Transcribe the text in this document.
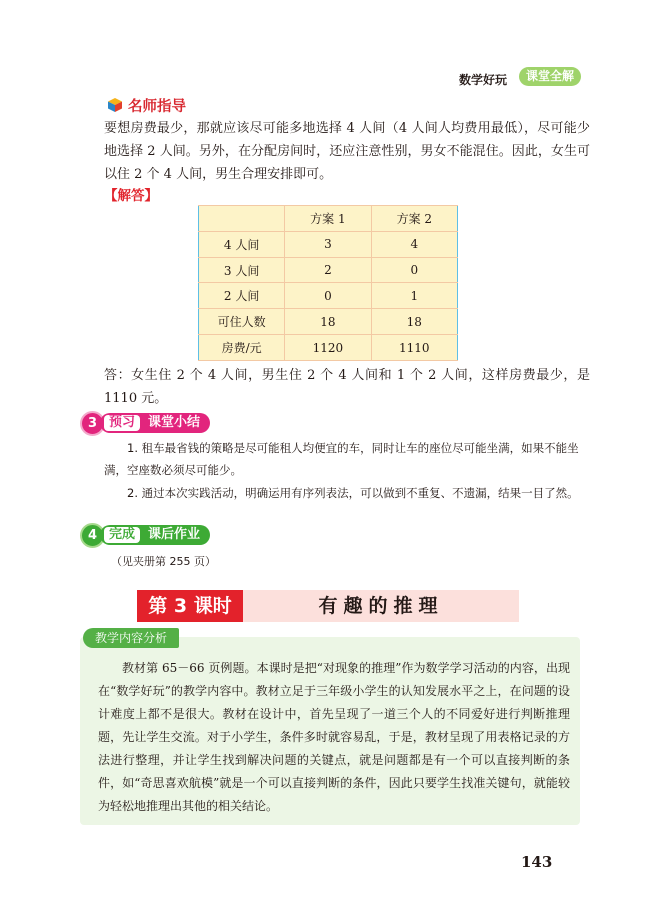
数学好玩	课堂全解
名师指导
要想房费最少，那就应该尽可能多地选择 4 人间（4 人间人均费用最低），尽可能少地选择 2 人间。另外，在分配房间时，还应注意性别，男女不能混住。因此，女生可以住 2 个 4 人间，男生合理安排即可。
【解答】
	方案 1	方案 2
4 人间	3	4
3 人间	2	0
2 人间	0	1
可住人数	18	18
房费/元	1120	1110
答：女生住 2 个 4 人间，男生住 2 个 4 人间和 1 个 2 人间，这样房费最少，是 1110 元。
3 预习	课堂小结
1. 租车最省钱的策略是尽可能租人均便宜的车，同时让车的座位尽可能坐满，如果不能坐满，空座数必须尽可能少。
2. 通过本次实践活动，明确运用有序列表法，可以做到不重复、不遗漏，结果一目了然。
4 完成	课后作业
（见夹册第 255 页）
第 3 课时	有趣的推理
教学内容分析
教材第 65－66 页例题。本课时是把“对现象的推理”作为数学学习活动的内容，出现在“数学好玩”的教学内容中。教材立足于三年级小学生的认知发展水平之上，在问题的设计难度上都不是很大。教材在设计中，首先呈现了一道三个人的不同爱好进行判断推理题，先让学生交流。对于小学生，条件多时就容易乱，于是，教材呈现了用表格记录的方法进行整理，并让学生找到解决问题的关键点，就是问题都是有一个可以直接判断的条件，如“奇思喜欢航模”就是一个可以直接判断的条件，因此只要学生找准关键句，就能较为轻松地推理出其他的相关结论。
143
